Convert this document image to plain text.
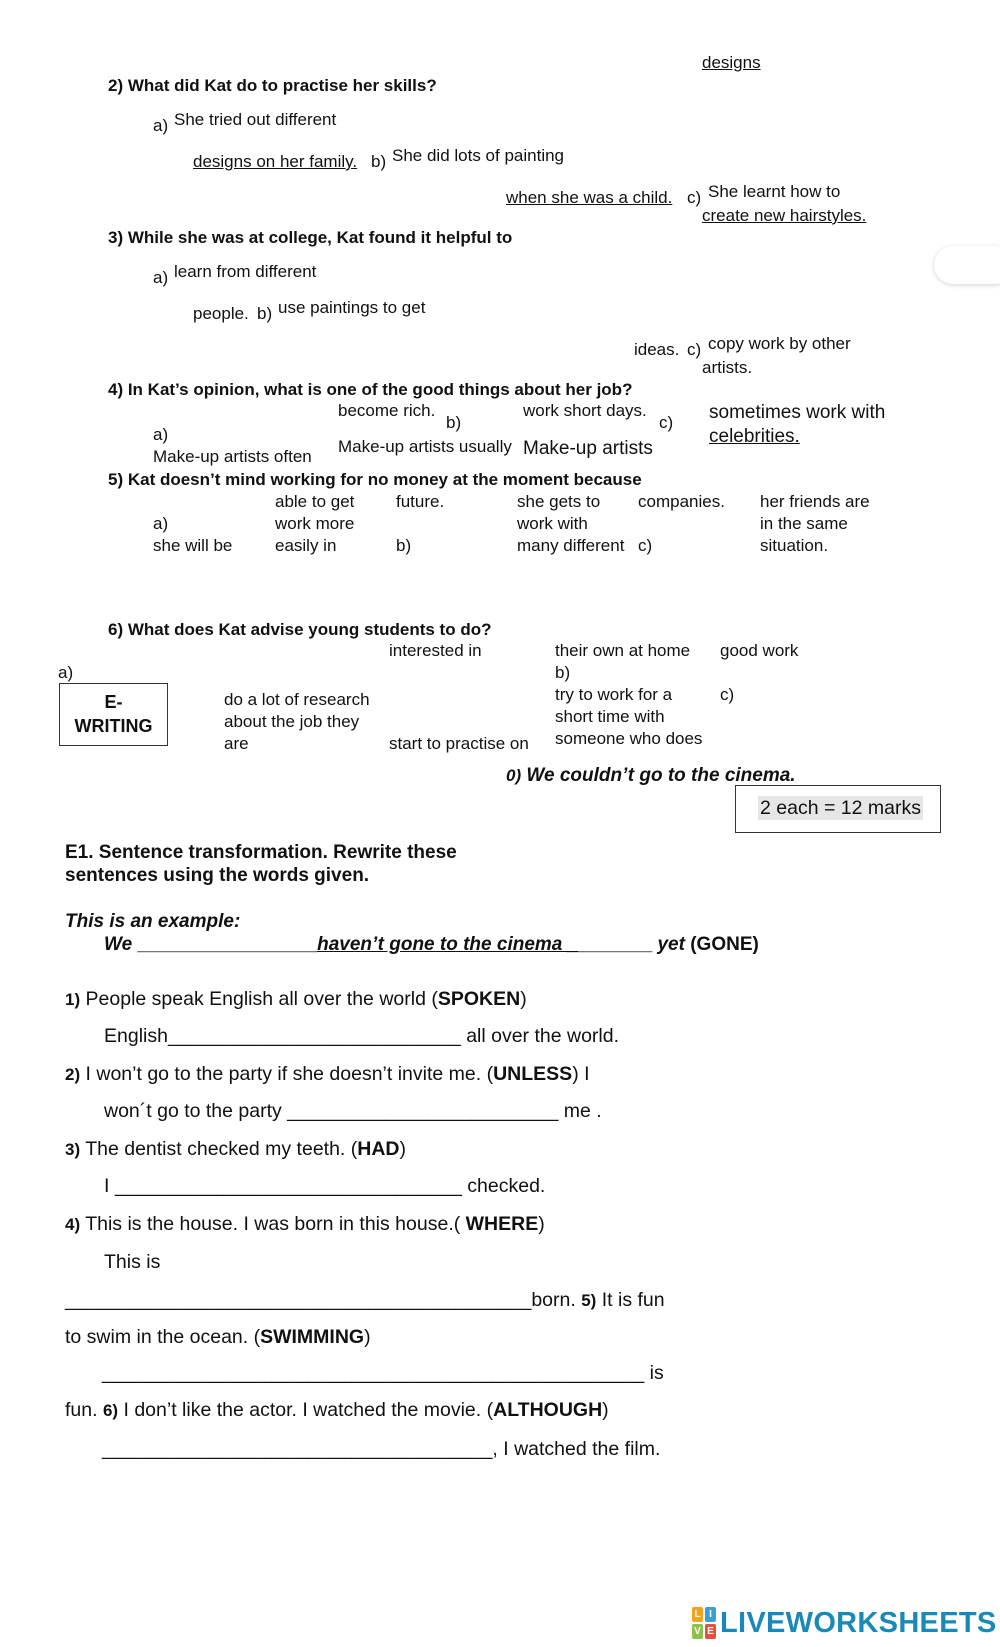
designs
2) What did Kat do to practise her skills?
a) She tried out different
designs on her family. b) She did lots of painting
when she was a child. c) She learnt how to
create new hairstyles.
3) While she was at college, Kat found it helpful to
a) learn from different
people. b) use paintings to get
ideas. c) copy work by other
artists.
4) In Kat’s opinion, what is one of the good things about her job?
become rich.	work short days.	sometimes work with
b)	c)
a)	celebrities.
Make-up artists usually Make-up artists
Make-up artists often
5) Kat doesn’t mind working for no money at the moment because
able to get future.	she gets to companies. her friends are
a)	work more	work with	in the same
she will be	easily in	b)	many different c)	situation.
6) What does Kat advise young students to do?
interested in	their own at home good work
a)	b)
E-
WRITING
do a lot of research	try to work for a	c)
about the job they	short time with
are	start to practise on someone who does
0) We couldn’t go to the cinema.
2 each = 12 marks
E1. Sentence transformation. Rewrite these
sentences using the words given.
This is an example:
We _________________haven’t gone to the cinema ________ yet (GONE)
1) People speak English all over the world (SPOKEN)
English___________________________ all over the world.
2) I won’t go to the party if she doesn’t invite me. (UNLESS) I
won´t go to the party _________________________ me .
3) The dentist checked my teeth. (HAD)
I ________________________________ checked.
4) This is the house. I was born in this house.( WHERE)
This is
___________________________________________born. 5) It is fun
to swim in the ocean. (SWIMMING)
__________________________________________________ is
fun. 6) I don’t like the actor. I watched the movie. (ALTHOUGH)
____________________________________, I watched the film.
L I
V E LIVEWORKSHEETS
